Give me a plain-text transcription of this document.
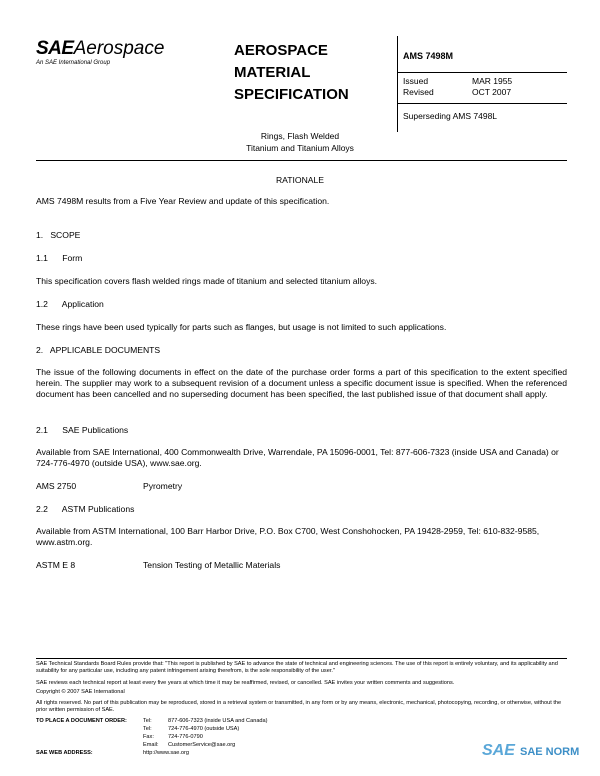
SAEAerospace
An SAE International Group
AEROSPACE
MATERIAL
SPECIFICATION
AMS 7498M
Issued	MAR 1955
Revised	OCT 2007
Superseding AMS 7498L
Rings, Flash Welded
Titanium and Titanium Alloys
RATIONALE
AMS 7498M results from a Five Year Review and update of this specification.
1.   SCOPE
1.1      Form
This specification covers flash welded rings made of titanium and selected titanium alloys.
1.2      Application
These rings have been used typically for parts such as flanges, but usage is not limited to such applications.
2.   APPLICABLE DOCUMENTS
The issue of the following documents in effect on the date of the purchase order forms a part of this specification to the extent specified herein. The supplier may work to a subsequent revision of a document unless a specific document issue is specified. When the referenced document has been cancelled and no superseding document has been specified, the last published issue of that document shall apply.
2.1      SAE Publications
Available from SAE International, 400 Commonwealth Drive, Warrendale, PA 15096-0001, Tel: 877-606-7323 (inside USA and Canada) or 724-776-4970 (outside USA), www.sae.org.
AMS 2750	Pyrometry
2.2      ASTM Publications
Available from ASTM International, 100 Barr Harbor Drive, P.O. Box C700, West Conshohocken, PA 19428-2959, Tel: 610-832-9585, www.astm.org.
ASTM E 8	Tension Testing of Metallic Materials
SAE Technical Standards Board Rules provide that: "This report is published by SAE to advance the state of technical and engineering sciences. The use of this report is entirely voluntary, and its applicability and suitability for any particular use, including any patent infringement arising therefrom, is the sole responsibility of the user."
SAE reviews each technical report at least every five years at which time it may be reaffirmed, revised, or cancelled. SAE invites your written comments and suggestions.
Copyright © 2007 SAE International
All rights reserved. No part of this publication may be reproduced, stored in a retrieval system or transmitted, in any form or by any means, electronic, mechanical, photocopying, recording, or otherwise, without the prior written permission of SAE.
TO PLACE A DOCUMENT ORDER:	Tel:	877-606-7323 (inside USA and Canada)
Tel:	724-776-4970 (outside USA)
Fax:	724-776-0790
Email: CustomerService@sae.org
SAE WEB ADDRESS:	http://www.sae.org	SAE SAE NORM
